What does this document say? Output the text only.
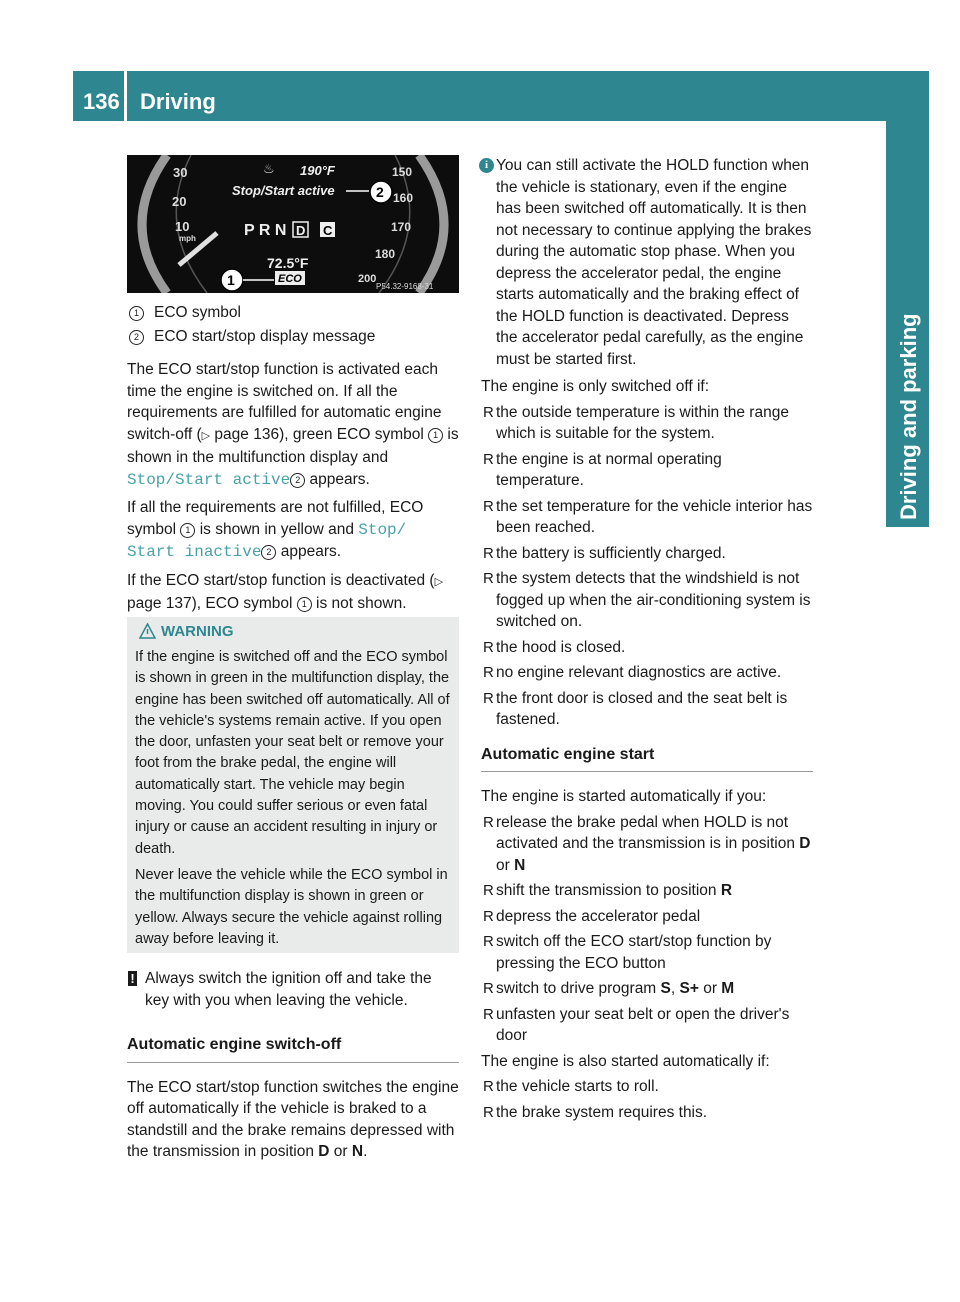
136 Driving
Driving and parking
30
20
10
mph
150
160
170
180
200
♨ 190°F
Stop/Start active	2
P R N D C
72.5°F
ECO
1	P54.32-9168-31
1 ECO symbol
2 ECO start/stop display message

The ECO start/stop function is activated each time the engine is switched on. If all the requirements are fulfilled for automatic engine switch-off (▷ page 136), green ECO symbol 1 is shown in the multifunction display and Stop/Start active 2 appears.

If all the requirements are not fulfilled, ECO symbol 1 is shown in yellow and Stop/ Start inactive 2 appears.

If the ECO start/stop function is deactivated (▷ page 137), ECO symbol 1 is not shown.

WARNING

If the engine is switched off and the ECO symbol is shown in green in the multifunction display, the engine has been switched off automatically. All of the vehicle's systems remain active. If you open the door, unfasten your seat belt or remove your foot from the brake pedal, the engine will automatically start. The vehicle may begin moving. You could suffer serious or even fatal injury or cause an accident resulting in injury or death.

Never leave the vehicle while the ECO symbol in the multifunction display is shown in green or yellow. Always secure the vehicle against rolling away before leaving it.

! Always switch the ignition off and take the key with you when leaving the vehicle.

Automatic engine switch-off

The ECO start/stop function switches the engine off automatically if the vehicle is braked to a standstill and the brake remains depressed with the transmission in position D or N.

i You can still activate the HOLD function when the vehicle is stationary, even if the engine has been switched off automatically. It is then not necessary to continue applying the brakes during the automatic stop phase. When you depress the accelerator pedal, the engine starts automatically and the braking effect of the HOLD function is deactivated. Depress the accelerator pedal carefully, as the engine must be started first.

The engine is only switched off if:

R the outside temperature is within the range which is suitable for the system.
R the engine is at normal operating temperature.
R the set temperature for the vehicle interior has been reached.
R the battery is sufficiently charged.
R the system detects that the windshield is not fogged up when the air-conditioning system is switched on.
R the hood is closed.
R no engine relevant diagnostics are active.
R the front door is closed and the seat belt is fastened.
Automatic engine start

The engine is started automatically if you:

R release the brake pedal when HOLD is not activated and the transmission is in position D or N
R shift the transmission to position R
R depress the accelerator pedal
R switch off the ECO start/stop function by pressing the ECO button
R switch to drive program S, S+ or M
R unfasten your seat belt or open the driver's door

The engine is also started automatically if:

R the vehicle starts to roll.
R the brake system requires this.
